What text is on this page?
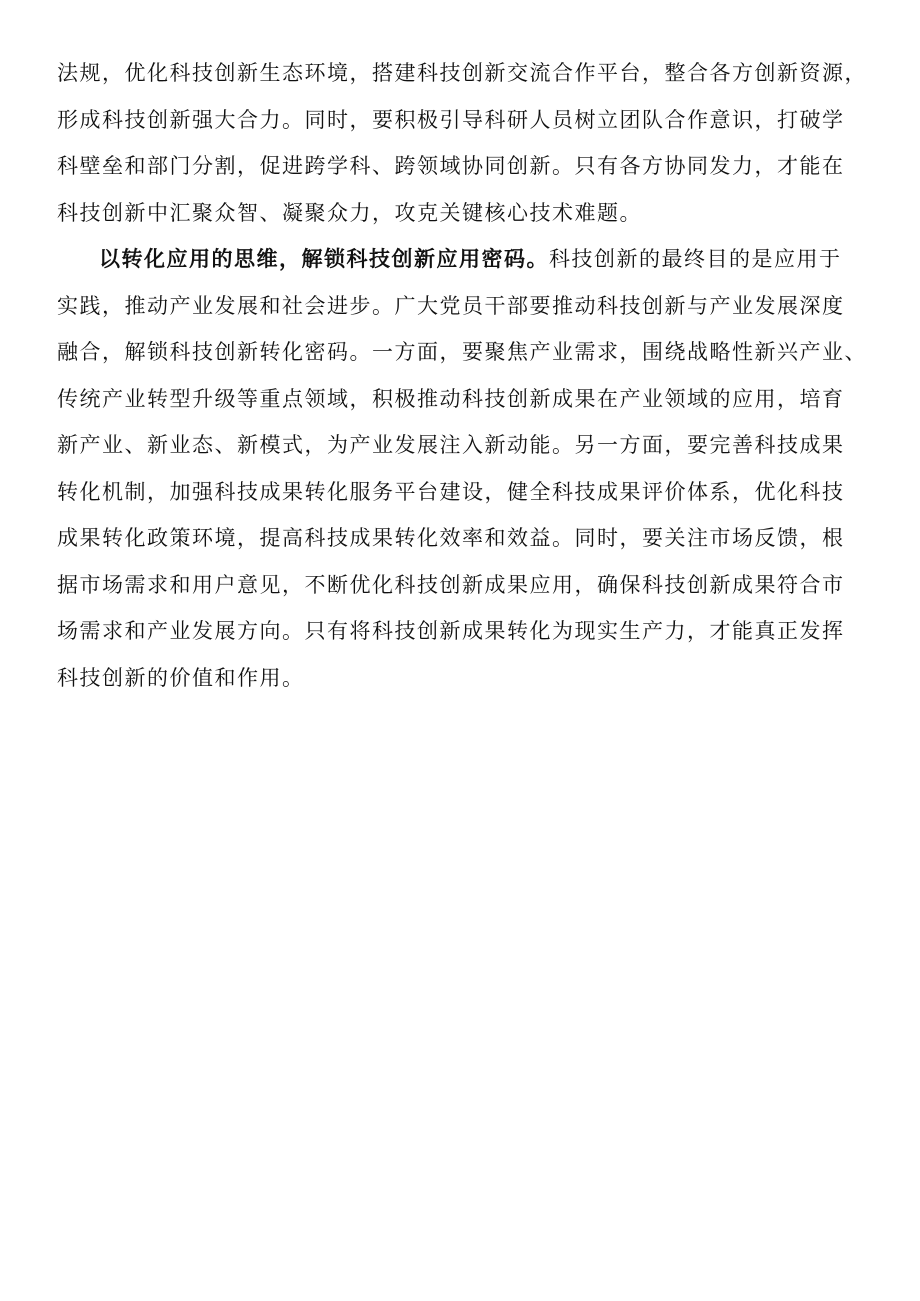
法规，优化科技创新生态环境，搭建科技创新交流合作平台，整合各方创新资源，
形成科技创新强大合力。同时，要积极引导科研人员树立团队合作意识，打破学
科壁垒和部门分割，促进跨学科、跨领域协同创新。只有各方协同发力，才能在
科技创新中汇聚众智、凝聚众力，攻克关键核心技术难题。
以转化应用的思维，解锁科技创新应用密码。科技创新的最终目的是应用于
实践，推动产业发展和社会进步。广大党员干部要推动科技创新与产业发展深度
融合，解锁科技创新转化密码。一方面，要聚焦产业需求，围绕战略性新兴产业、
传统产业转型升级等重点领域，积极推动科技创新成果在产业领域的应用，培育
新产业、新业态、新模式，为产业发展注入新动能。另一方面，要完善科技成果
转化机制，加强科技成果转化服务平台建设，健全科技成果评价体系，优化科技
成果转化政策环境，提高科技成果转化效率和效益。同时，要关注市场反馈，根
据市场需求和用户意见，不断优化科技创新成果应用，确保科技创新成果符合市
场需求和产业发展方向。只有将科技创新成果转化为现实生产力，才能真正发挥
科技创新的价值和作用。
